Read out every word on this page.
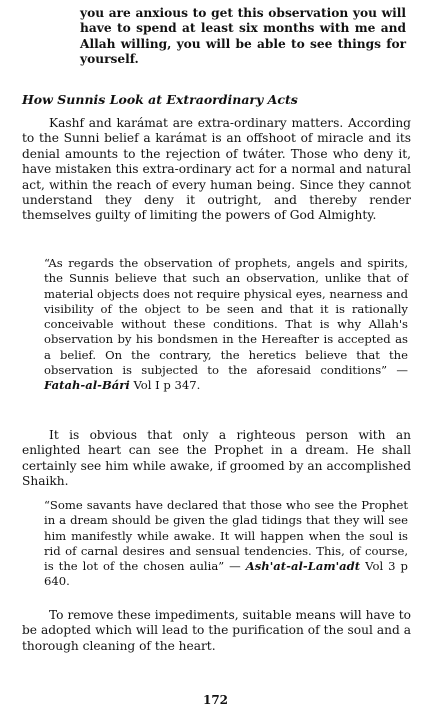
you are anxious to get this observation you will have to spend at least six months with me and Allah willing, you will be able to see things for yourself.

How Sunnis Look at Extraordinary Acts

Kashf and karámat are extra-ordinary matters. According to the Sunni belief a karámat is an offshoot of miracle and its denial amounts to the rejection of twáter. Those who deny it, have mistaken this extra-ordinary act for a normal and natural act, within the reach of every human being. Since they cannot understand they deny it outright, and thereby render themselves guilty of limiting the powers of God Almighty.

“As regards the observation of prophets, angels and spirits, the Sunnis believe that such an observation, unlike that of material objects does not require physical eyes, nearness and visibility of the object to be seen and that it is rationally conceivable without these conditions. That is why Allah's observation by his bondsmen in the Hereafter is accepted as a belief. On the contrary, the heretics believe that the observation is subjected to the aforesaid conditions” — Fatah-al-Bári Vol I p 347.

It is obvious that only a righteous person with an enlighted heart can see the Prophet in a dream. He shall certainly see him while awake, if groomed by an accomplished Shaikh.

“Some savants have declared that those who see the Prophet in a dream should be given the glad tidings that they will see him manifestly while awake. It will happen when the soul is rid of carnal desires and sensual tendencies. This, of course, is the lot of the chosen aulia” — Ash'at-al-Lam'adt Vol 3 p 640.

To remove these impediments, suitable means will have to be adopted which will lead to the purification of the soul and a thorough cleaning of the heart.

172
